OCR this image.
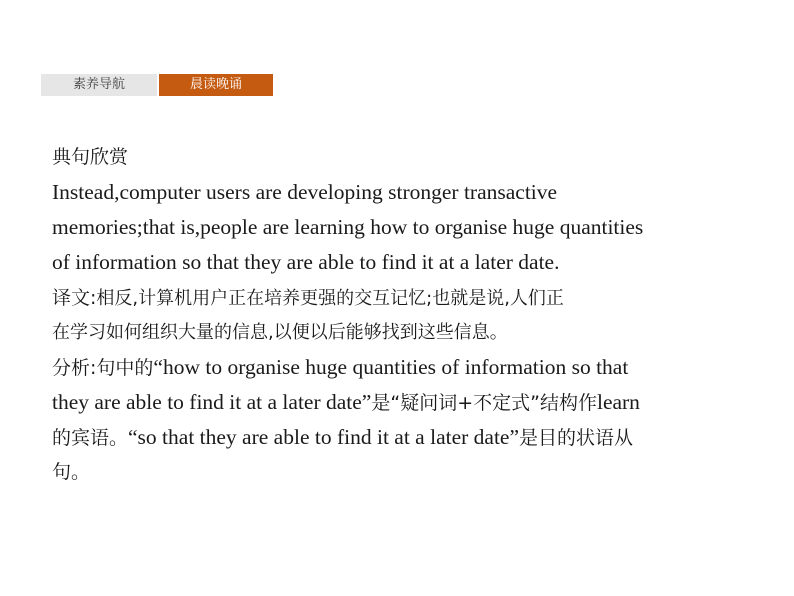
素养导航	晨读晚诵
典句欣赏
Instead,computer users are developing stronger transactive
memories;that is,people are learning how to organise huge quantities
of information so that they are able to find it at a later date.
译文:相反,计算机用户正在培养更强的交互记忆;也就是说,人们正
在学习如何组织大量的信息,以便以后能够找到这些信息。
分析:句中的“how to organise huge quantities of information so that
they are able to find it at a later date”是“疑问词+不定式”结构作learn
的宾语。“so that they are able to find it at a later date”是目的状语从
句。
